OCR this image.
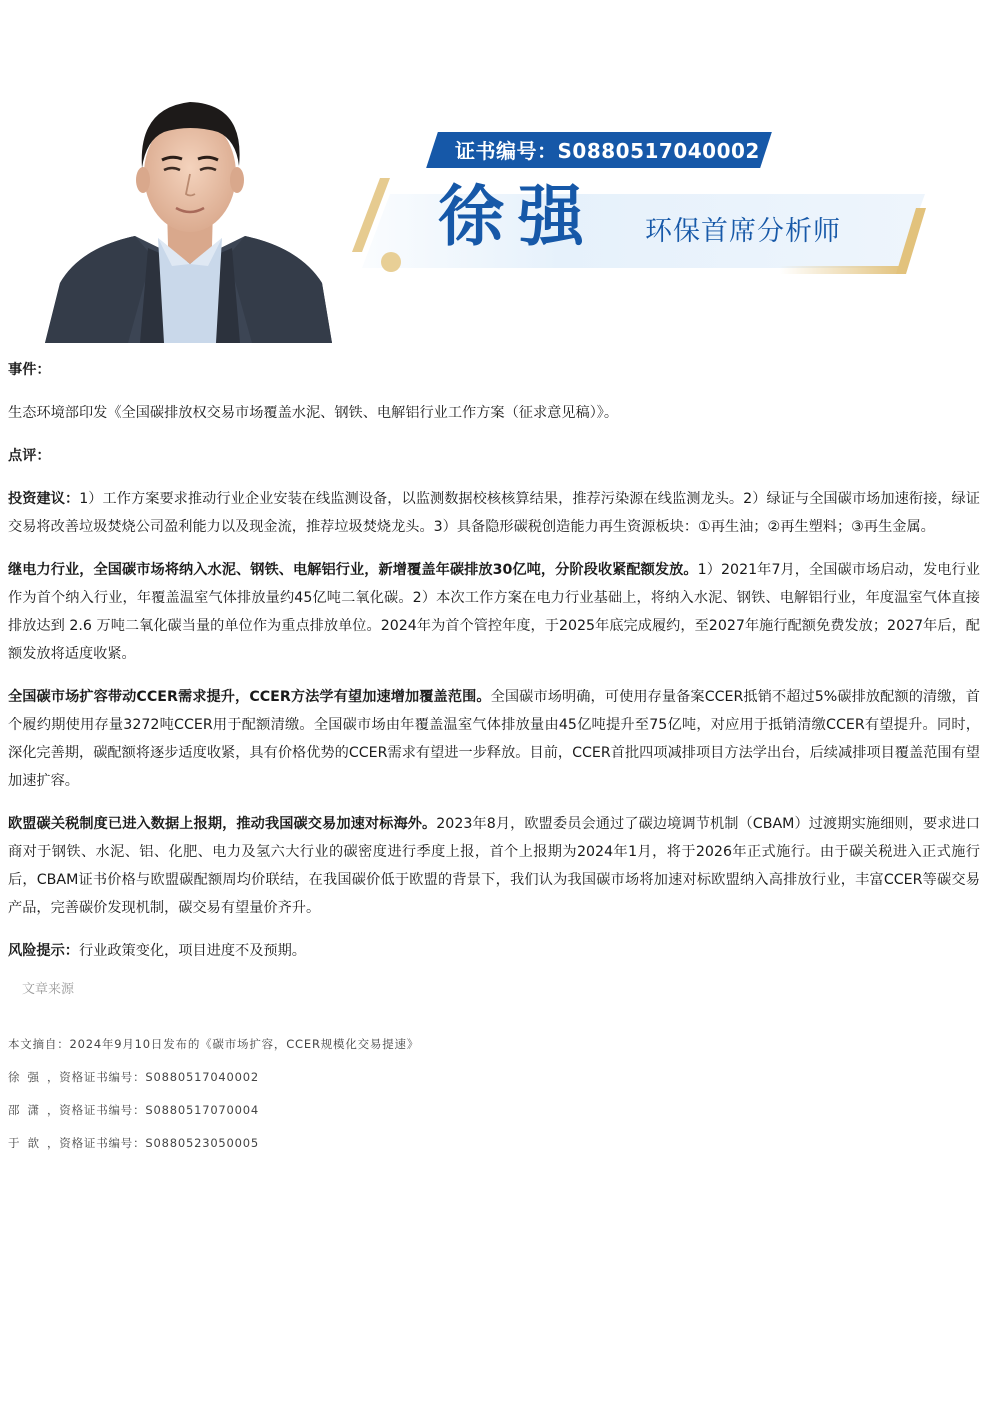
证书编号：S0880517040002
徐强 环保首席分析师

事件：

生态环境部印发《全国碳排放权交易市场覆盖水泥、钢铁、电解铝行业工作方案（征求意见稿）》。

点评：

投资建议：1）工作方案要求推动行业企业安装在线监测设备，以监测数据校核核算结果，推荐污染源在线监测龙头。2）绿证与全国碳市场加速衔接，绿证交易将改善垃圾焚烧公司盈利能力以及现金流，推荐垃圾焚烧龙头。3）具备隐形碳税创造能力再生资源板块：①再生油；②再生塑料；③再生金属。

继电力行业，全国碳市场将纳入水泥、钢铁、电解铝行业，新增覆盖年碳排放30亿吨，分阶段收紧配额发放。1）2021年7月，全国碳市场启动，发电行业作为首个纳入行业，年覆盖温室气体排放量约45亿吨二氧化碳。2）本次工作方案在电力行业基础上，将纳入水泥、钢铁、电解铝行业，年度温室气体直接排放达到 2.6 万吨二氧化碳当量的单位作为重点排放单位。2024年为首个管控年度，于2025年底完成履约，至2027年施行配额免费发放；2027年后，配额发放将适度收紧。

全国碳市场扩容带动CCER需求提升，CCER方法学有望加速增加覆盖范围。全国碳市场明确，可使用存量备案CCER抵销不超过5%碳排放配额的清缴，首个履约期使用存量3272吨CCER用于配额清缴。全国碳市场由年覆盖温室气体排放量由45亿吨提升至75亿吨，对应用于抵销清缴CCER有望提升。同时，深化完善期，碳配额将逐步适度收紧，具有价格优势的CCER需求有望进一步释放。目前，CCER首批四项减排项目方法学出台，后续减排项目覆盖范围有望加速扩容。

欧盟碳关税制度已进入数据上报期，推动我国碳交易加速对标海外。2023年8月，欧盟委员会通过了碳边境调节机制（CBAM）过渡期实施细则，要求进口商对于钢铁、水泥、铝、化肥、电力及氢六大行业的碳密度进行季度上报，首个上报期为2024年1月，将于2026年正式施行。由于碳关税进入正式施行后，CBAM证书价格与欧盟碳配额周均价联结，在我国碳价低于欧盟的背景下，我们认为我国碳市场将加速对标欧盟纳入高排放行业，丰富CCER等碳交易产品，完善碳价发现机制，碳交易有望量价齐升。

风险提示：行业政策变化，项目进度不及预期。

文章来源
本文摘自：2024年9月10日发布的《碳市场扩容，CCER规模化交易提速》
徐强，资格证书编号：S0880517040002
邵潇，资格证书编号：S0880517070004
于歆，资格证书编号：S0880523050005
